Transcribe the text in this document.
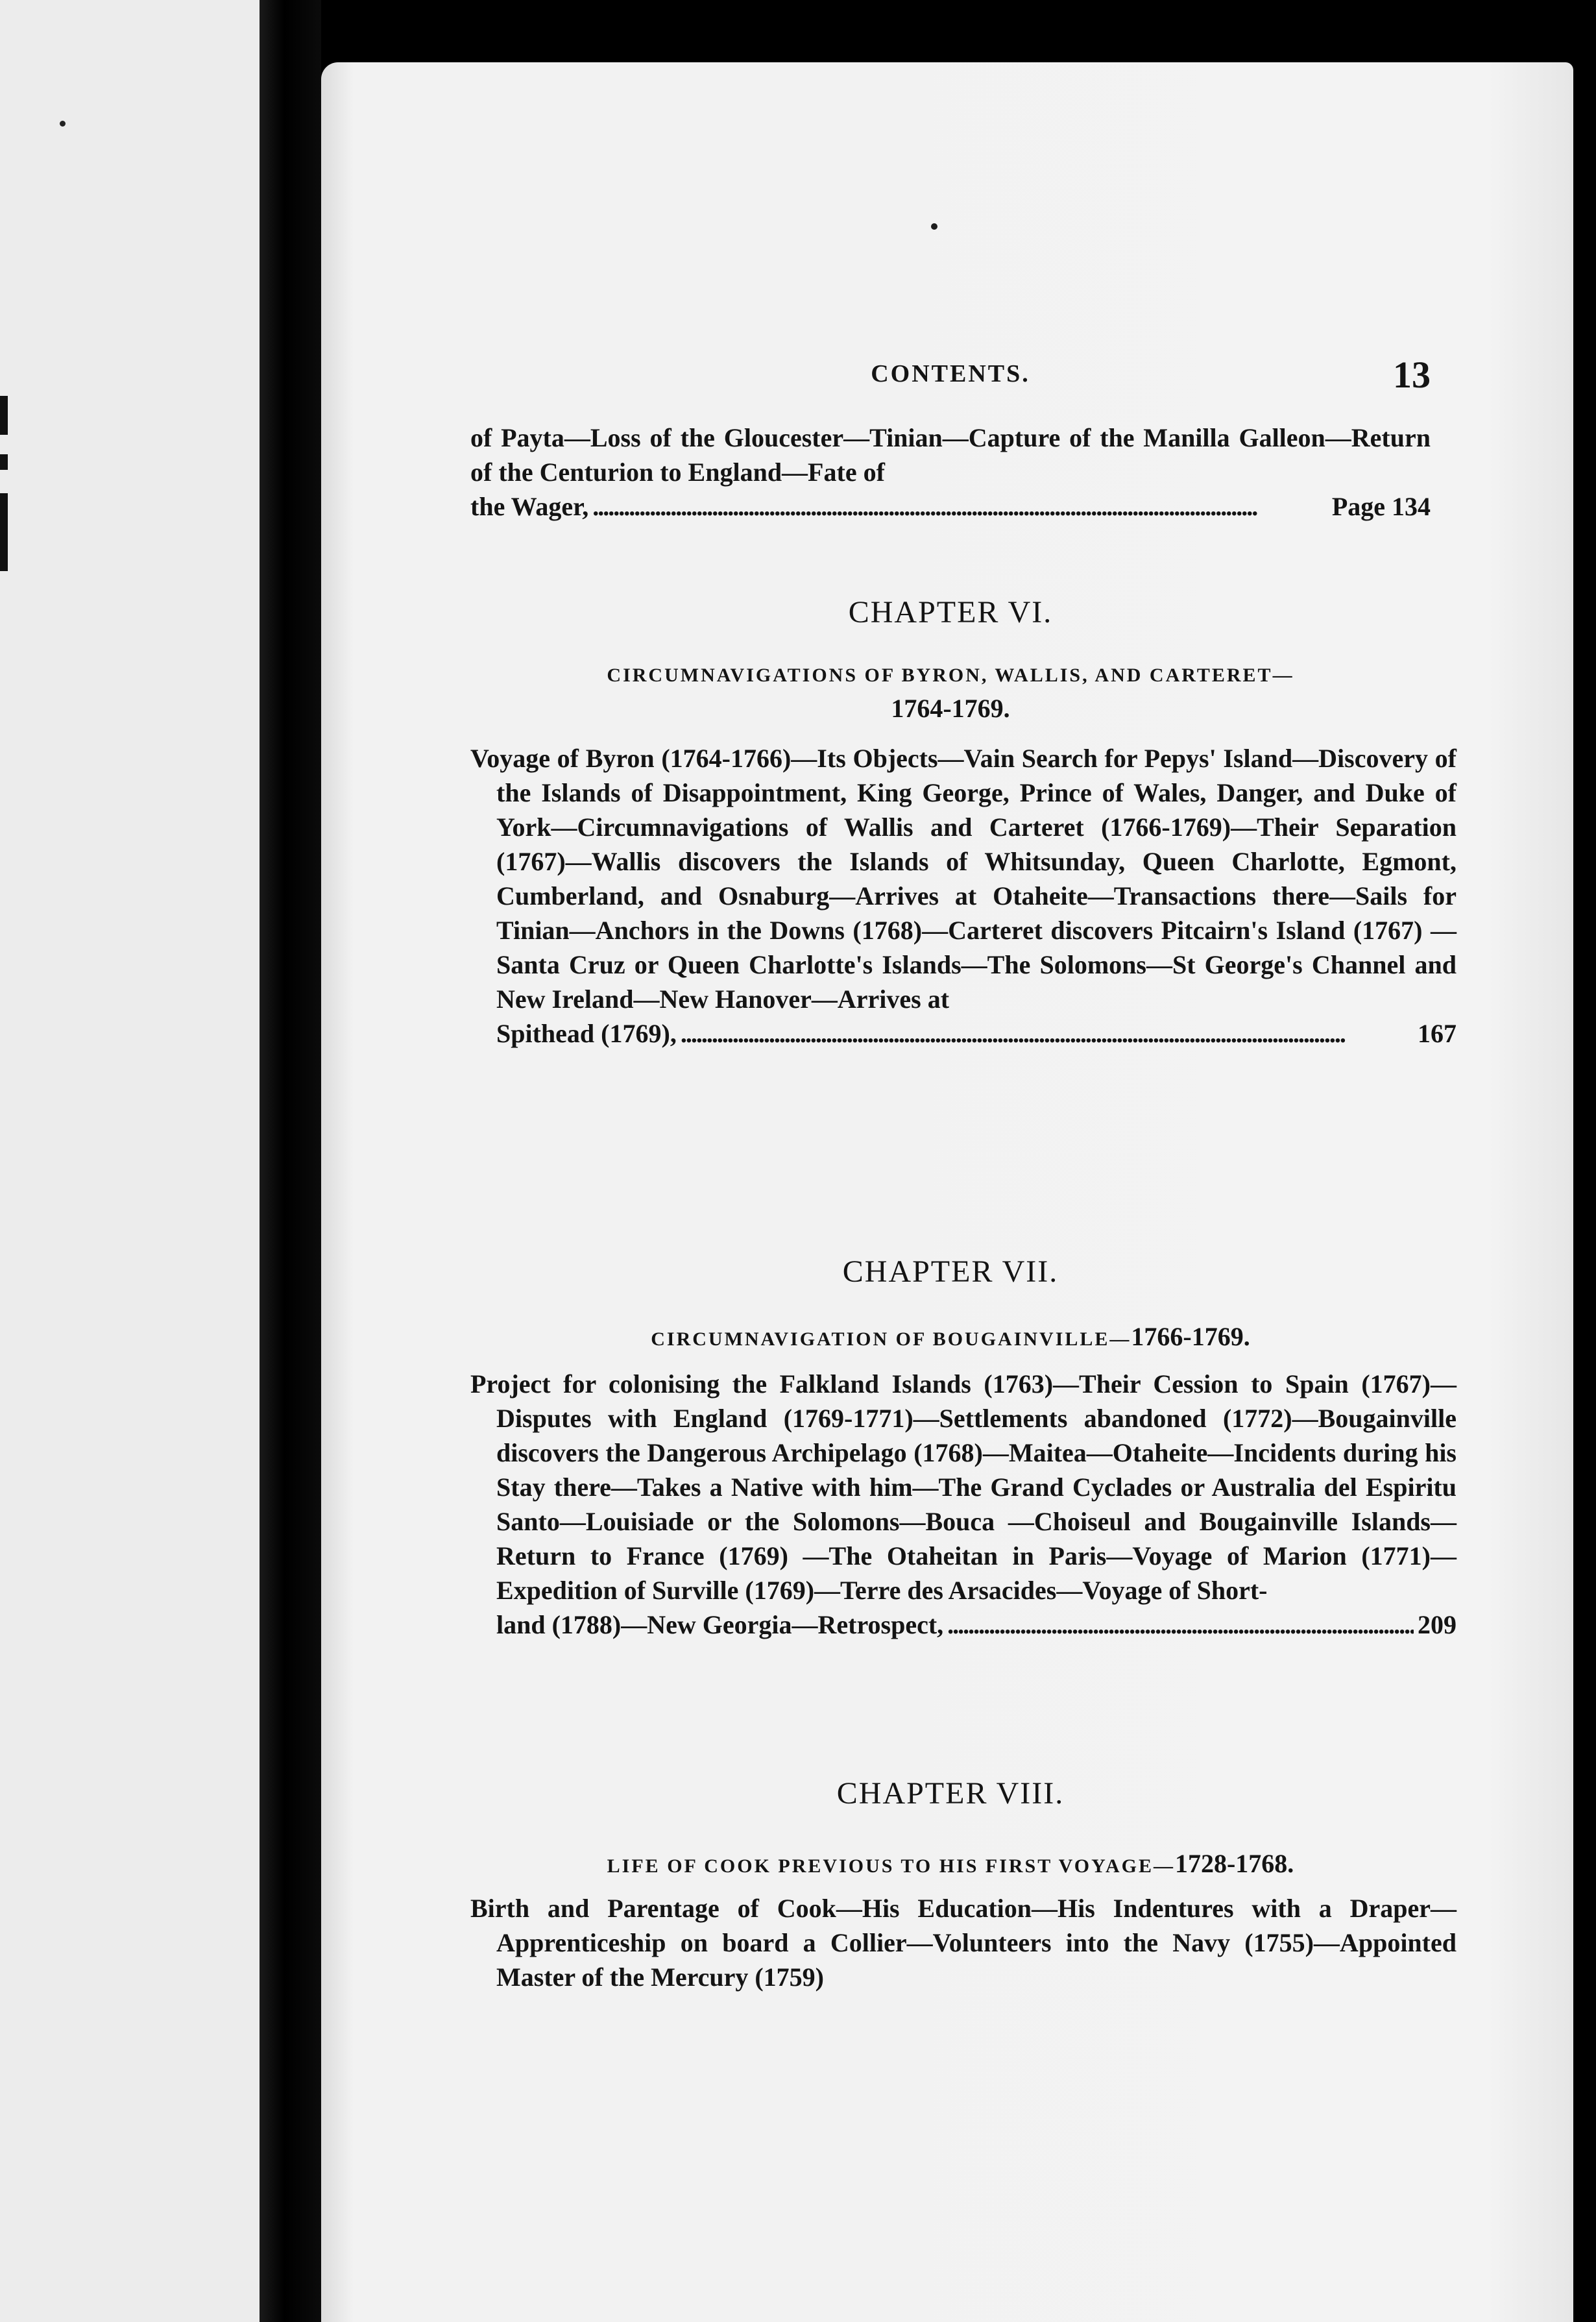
CONTENTS.	13
of Payta—Loss of the Gloucester—Tinian—Capture of the Manilla Galleon—Return of the Centurion to England—Fate of
the Wager, . . .	Page 134
CHAPTER VI.
CIRCUMNAVIGATIONS OF BYRON, WALLIS, AND CARTERET—
1764-1769.
Voyage of Byron (1764-1766)—Its Objects—Vain Search for Pepys' Island—Discovery of the Islands of Disappointment, King George, Prince of Wales, Danger, and Duke of York—Circumnavigations of Wallis and Carteret (1766-1769)—Their Separation (1767)—Wallis discovers the Islands of Whitsunday, Queen Charlotte, Egmont, Cumberland, and Osnaburg—Arrives at Otaheite—Transactions there—Sails for Tinian—Anchors in the Downs (1768)—Carteret discovers Pitcairn's Island (1767) —Santa Cruz or Queen Charlotte's Islands—The Solomons—St George's Channel and New Ireland—New Hanover—Arrives at
Spithead (1769), . . .	167
CHAPTER VII.
CIRCUMNAVIGATION OF BOUGAINVILLE—1766-1769.
Project for colonising the Falkland Islands (1763)—Their Cession to Spain (1767)—Disputes with England (1769-1771)—Settlements abandoned (1772)—Bougainville discovers the Dangerous Archipelago (1768)—Maitea—Otaheite—Incidents during his Stay there—Takes a Native with him—The Grand Cyclades or Australia del Espiritu Santo—Louisiade or the Solomons—Bouca —Choiseul and Bougainville Islands—Return to France (1769) —The Otaheitan in Paris—Voyage of Marion (1771)—Expedition of Surville (1769)—Terre des Arsacides—Voyage of Short-
land (1788)—New Georgia—Retrospect, . . .	209
CHAPTER VIII.
LIFE OF COOK PREVIOUS TO HIS FIRST VOYAGE—1728-1768.
Birth and Parentage of Cook—His Education—His Indentures with a Draper—Apprenticeship on board a Collier—Volunteers into the Navy (1755)—Appointed Master of the Mercury (1759)
